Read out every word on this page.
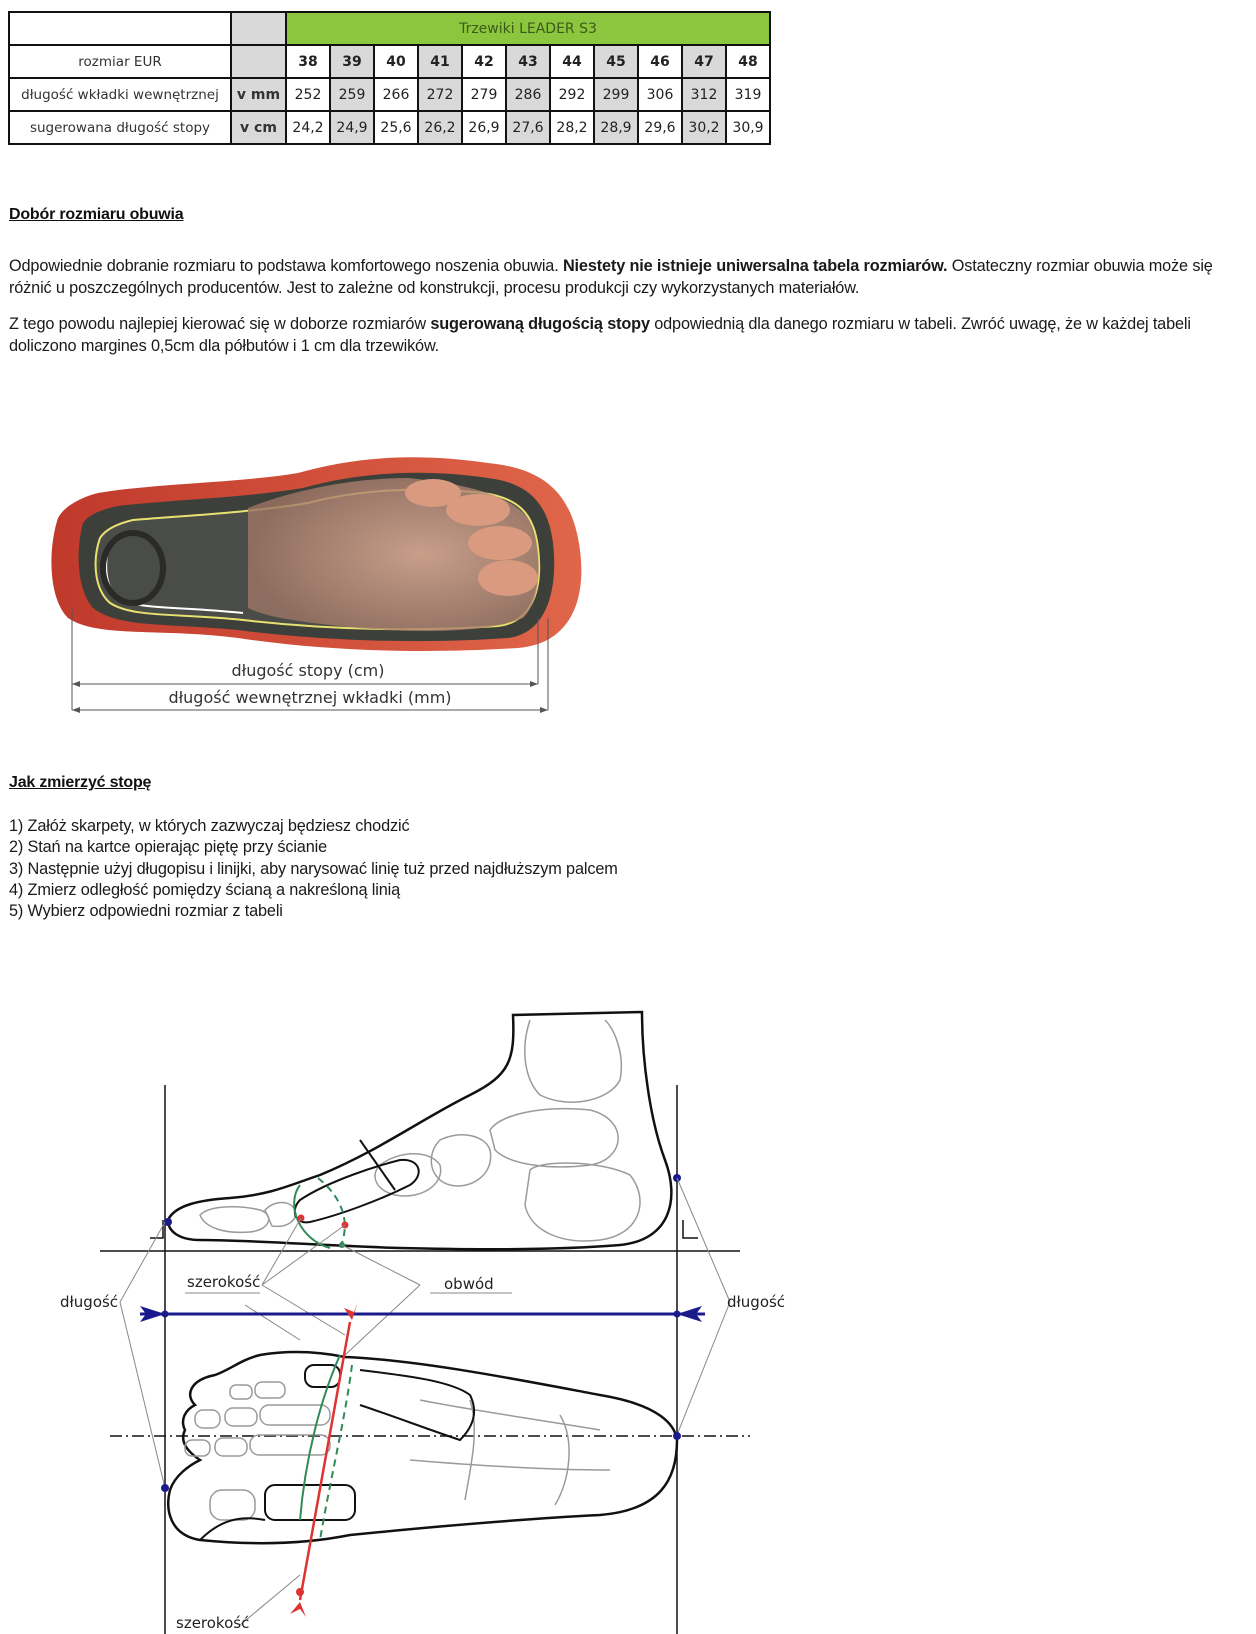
		Trzewiki LEADER S3										
rozmiar EUR		38	39	40	41	42	43	44	45	46	47	48
długość wkładki wewnętrznej	v mm	252	259	266	272	279	286	292	299	306	312	319
sugerowana długość stopy	v cm	24,2	24,9	25,6	26,2	26,9	27,6	28,2	28,9	29,6	30,2	30,9
Dobór rozmiaru obuwia
Odpowiednie dobranie rozmiaru to podstawa komfortowego noszenia obuwia. Niestety nie istnieje uniwersalna tabela rozmiarów. Ostateczny rozmiar obuwia może się różnić u poszczególnych producentów. Jest to zależne od konstrukcji, procesu produkcji czy wykorzystanych materiałów.
Z tego powodu najlepiej kierować się w doborze rozmiarów sugerowaną długością stopy odpowiednią dla danego rozmiaru w tabeli. Zwróć uwagę, że w każdej tabeli doliczono margines 0,5cm dla półbutów i 1 cm dla trzewików.
długość stopy (cm)
długość wewnętrznej wkładki (mm)
Jak zmierzyć stopę
1) Załóż skarpety, w których zazwyczaj będziesz chodzić
2) Stań na kartce opierając piętę przy ścianie
3) Następnie użyj długopisu i linijki, aby narysować linię tuż przed najdłuższym palcem
4) Zmierz odległość pomiędzy ścianą a nakreśloną linią
5) Wybierz odpowiedni rozmiar z tabeli
długość	długość
szerokość	obwód
szerokość
